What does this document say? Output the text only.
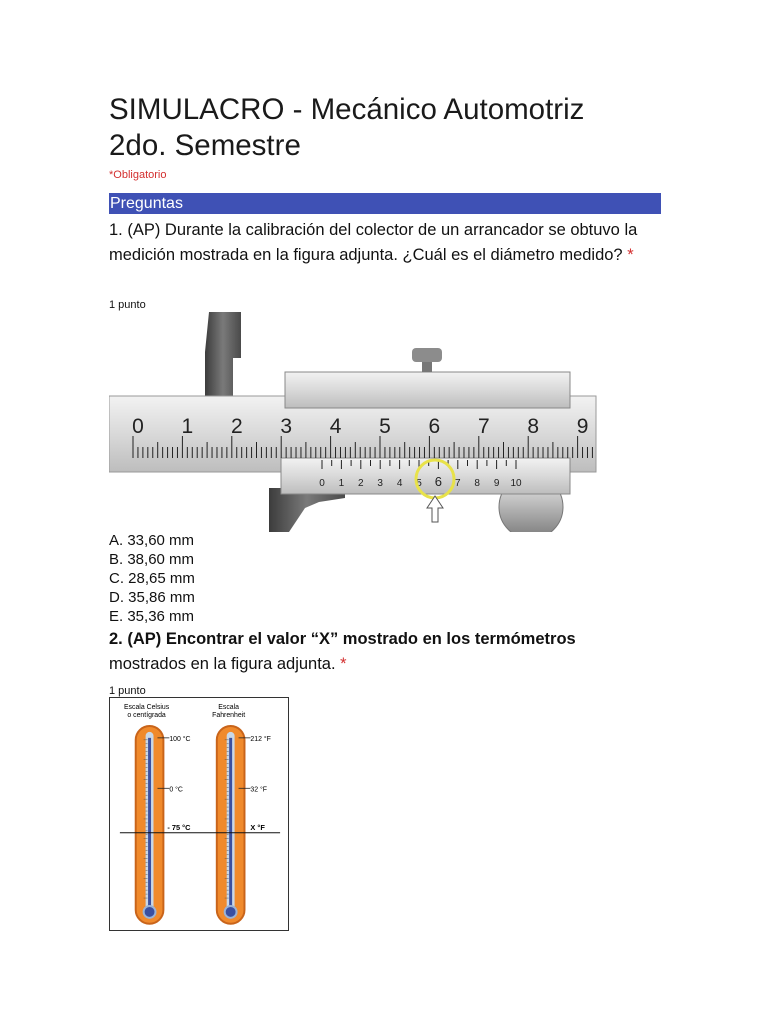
SIMULACRO - Mecánico Automotriz
2do. Semestre
*Obligatorio
Preguntas
1. (AP) Durante la calibración del colector de un arrancador se obtuvo la medición mostrada en la figura adjunta. ¿Cuál es el diámetro medido? *
1 punto
0 1 2 3 4 5 6 7 8 9
0 1 2 3 4 5 6 7 8 9 10
A. 33,60 mm
B. 38,60 mm
C. 28,65 mm
D. 35,86 mm
E. 35,36 mm
2. (AP) Encontrar el valor “X” mostrado en los termómetros
mostrados en la figura adjunta. *
1 punto
Escala Celsius
o centígrada
Escala
Fahrenheit
100 °C
0 °C
- 75 °C
212 °F
32 °F
X °F
